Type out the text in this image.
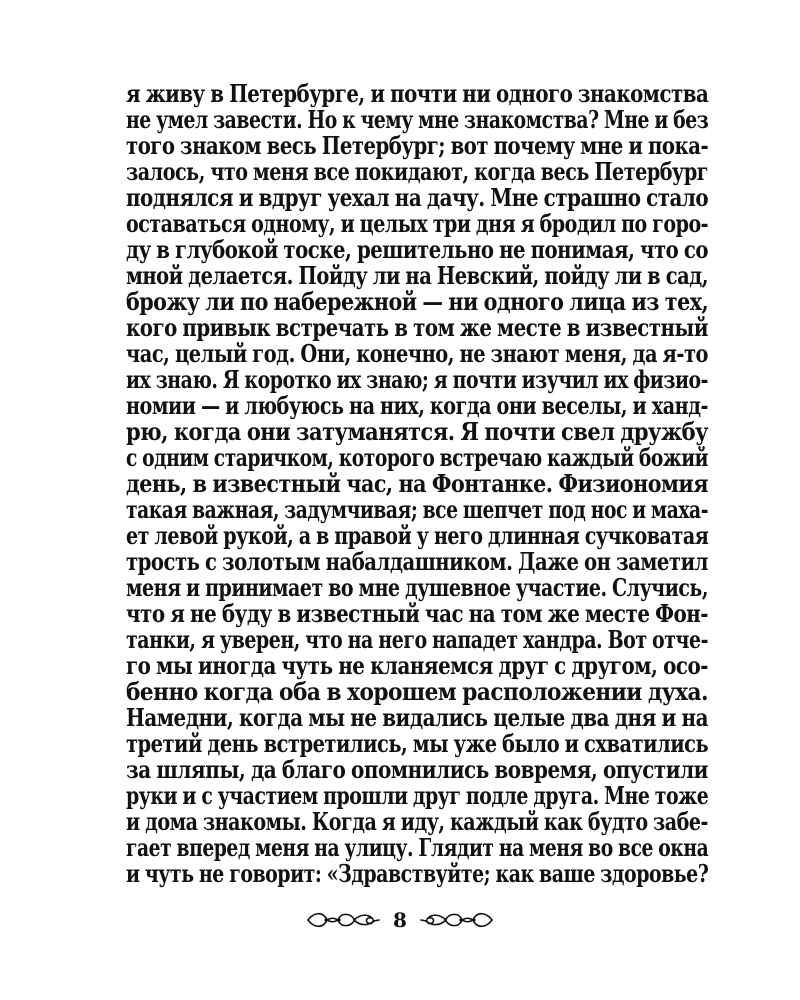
я живу в Петербурге, и почти ни одного знакомства
не умел завести. Но к чему мне знакомства? Мне и без
того знаком весь Петербург; вот почему мне и пока-
залось, что меня все покидают, когда весь Петербург
поднялся и вдруг уехал на дачу. Мне страшно стало
оставаться одному, и целых три дня я бродил по горо-
ду в глубокой тоске, решительно не понимая, что со
мной делается. Пойду ли на Невский, пойду ли в сад,
брожу ли по набережной — ни одного лица из тех,
кого привык встречать в том же месте в известный
час, целый год. Они, конечно, не знают меня, да я-то
их знаю. Я коротко их знаю; я почти изучил их физио-
номии — и любуюсь на них, когда они веселы, и ханд-
рю, когда они затуманятся. Я почти свел дружбу
с одним старичком, которого встречаю каждый божий
день, в известный час, на Фонтанке. Физиономия
такая важная, задумчивая; все шепчет под нос и маха-
ет левой рукой, а в правой у него длинная сучковатая
трость с золотым набалдашником. Даже он заметил
меня и принимает во мне душевное участие. Случись,
что я не буду в известный час на том же месте Фон-
танки, я уверен, что на него нападет хандра. Вот отче-
го мы иногда чуть не кланяемся друг с другом, осо-
бенно когда оба в хорошем расположении духа.
Намедни, когда мы не видались целые два дня и на
третий день встретились, мы уже было и схватились
за шляпы, да благо опомнились вовремя, опустили
руки и с участием прошли друг подле друга. Мне тоже
и дома знакомы. Когда я иду, каждый как будто забе-
гает вперед меня на улицу. Глядит на меня во все окна
и чуть не говорит: «Здравствуйте; как ваше здоровье?
8
